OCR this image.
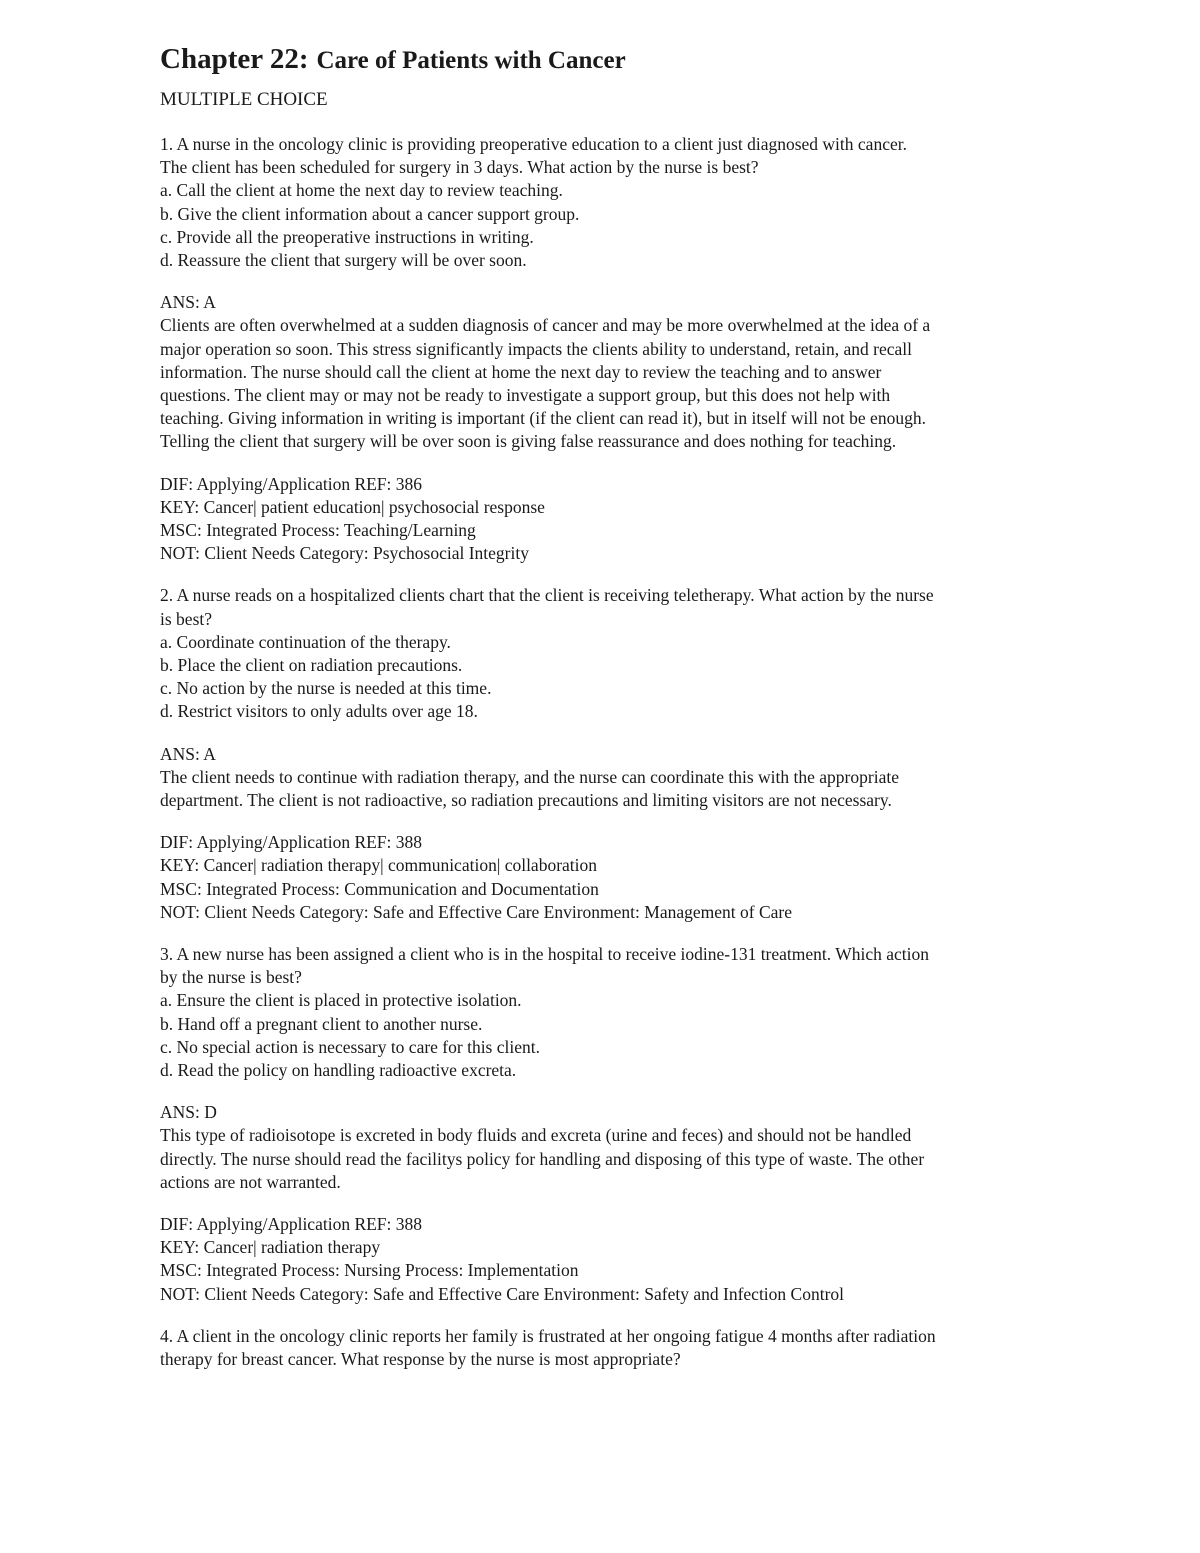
Chapter 22: Care of Patients with Cancer
MULTIPLE CHOICE

1. A nurse in the oncology clinic is providing preoperative education to a client just diagnosed with cancer.

The client has been scheduled for surgery in 3 days. What action by the nurse is best?

a. Call the client at home the next day to review teaching.

b. Give the client information about a cancer support group.

c. Provide all the preoperative instructions in writing.

d. Reassure the client that surgery will be over soon.

ANS: A

Clients are often overwhelmed at a sudden diagnosis of cancer and may be more overwhelmed at the idea of a

major operation so soon. This stress significantly impacts the clients ability to understand, retain, and recall

information. The nurse should call the client at home the next day to review the teaching and to answer

questions. The client may or may not be ready to investigate a support group, but this does not help with

teaching. Giving information in writing is important (if the client can read it), but in itself will not be enough.

Telling the client that surgery will be over soon is giving false reassurance and does nothing for teaching.

DIF: Applying/Application REF: 386

KEY: Cancer| patient education| psychosocial response

MSC: Integrated Process: Teaching/Learning

NOT: Client Needs Category: Psychosocial Integrity

2. A nurse reads on a hospitalized clients chart that the client is receiving teletherapy. What action by the nurse

is best?

a. Coordinate continuation of the therapy.

b. Place the client on radiation precautions.

c. No action by the nurse is needed at this time.

d. Restrict visitors to only adults over age 18.

ANS: A

The client needs to continue with radiation therapy, and the nurse can coordinate this with the appropriate

department. The client is not radioactive, so radiation precautions and limiting visitors are not necessary.

DIF: Applying/Application REF: 388

KEY: Cancer| radiation therapy| communication| collaboration

MSC: Integrated Process: Communication and Documentation

NOT: Client Needs Category: Safe and Effective Care Environment: Management of Care

3. A new nurse has been assigned a client who is in the hospital to receive iodine-131 treatment. Which action

by the nurse is best?

a. Ensure the client is placed in protective isolation.

b. Hand off a pregnant client to another nurse.

c. No special action is necessary to care for this client.

d. Read the policy on handling radioactive excreta.

ANS: D

This type of radioisotope is excreted in body fluids and excreta (urine and feces) and should not be handled

directly. The nurse should read the facilitys policy for handling and disposing of this type of waste. The other

actions are not warranted.

DIF: Applying/Application REF: 388

KEY: Cancer| radiation therapy

MSC: Integrated Process: Nursing Process: Implementation

NOT: Client Needs Category: Safe and Effective Care Environment: Safety and Infection Control

4. A client in the oncology clinic reports her family is frustrated at her ongoing fatigue 4 months after radiation

therapy for breast cancer. What response by the nurse is most appropriate?
